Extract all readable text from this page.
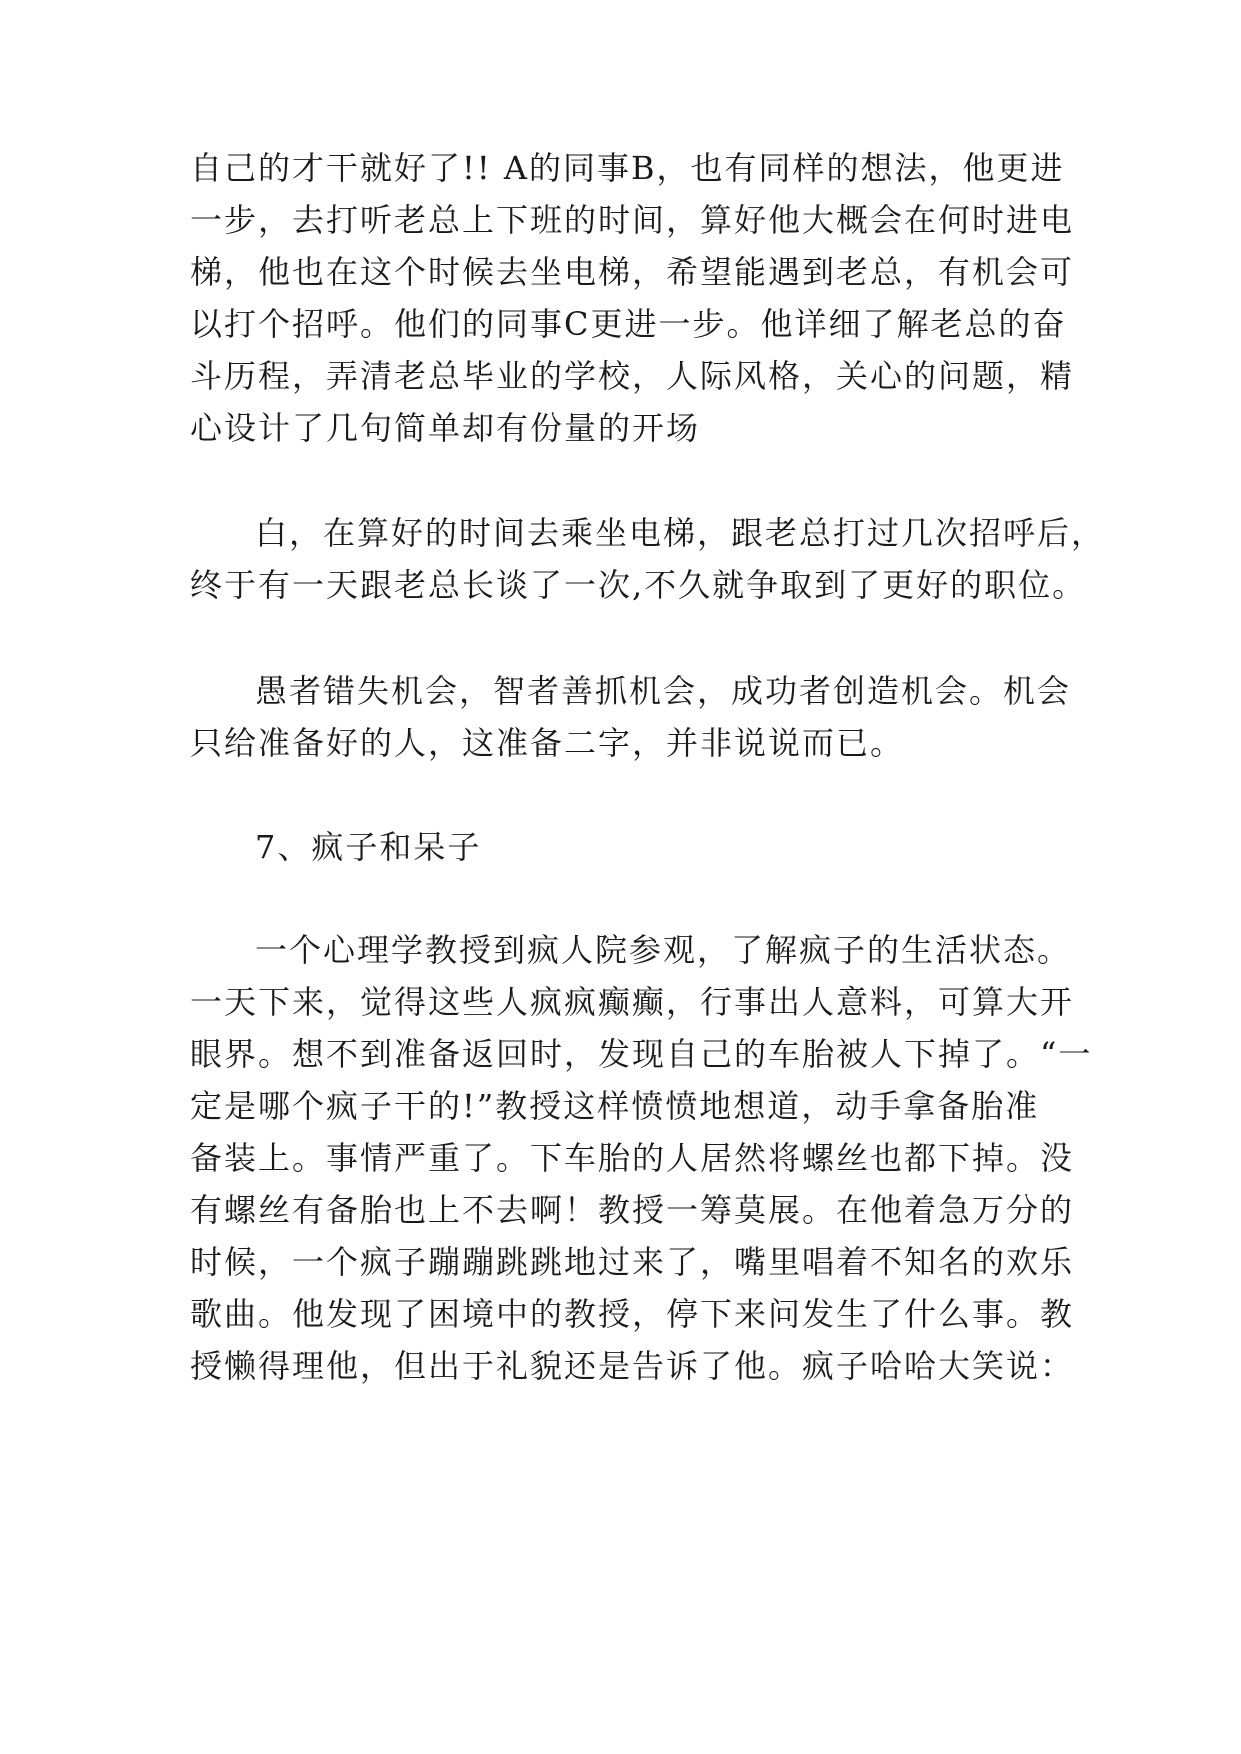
自己的才干就好了!! A的同事B，也有同样的想法，他更进
一步，去打听老总上下班的时间，算好他大概会在何时进电
梯，他也在这个时候去坐电梯，希望能遇到老总，有机会可
以打个招呼。他们的同事C更进一步。他详细了解老总的奋
斗历程，弄清老总毕业的学校，人际风格，关心的问题，精
心设计了几句简单却有份量的开场
白，在算好的时间去乘坐电梯，跟老总打过几次招呼后，
终于有一天跟老总长谈了一次,不久就争取到了更好的职位。
愚者错失机会，智者善抓机会，成功者创造机会。机会
只给准备好的人，这准备二字，并非说说而已。
7、疯子和呆子
一个心理学教授到疯人院参观，了解疯子的生活状态。
一天下来，觉得这些人疯疯癫癫，行事出人意料，可算大开
眼界。想不到准备返回时，发现自己的车胎被人下掉了。“一
定是哪个疯子干的!”教授这样愤愤地想道，动手拿备胎准
备装上。事情严重了。下车胎的人居然将螺丝也都下掉。没
有螺丝有备胎也上不去啊！教授一筹莫展。在他着急万分的
时候，一个疯子蹦蹦跳跳地过来了，嘴里唱着不知名的欢乐
歌曲。他发现了困境中的教授，停下来问发生了什么事。教
授懒得理他，但出于礼貌还是告诉了他。疯子哈哈大笑说：
